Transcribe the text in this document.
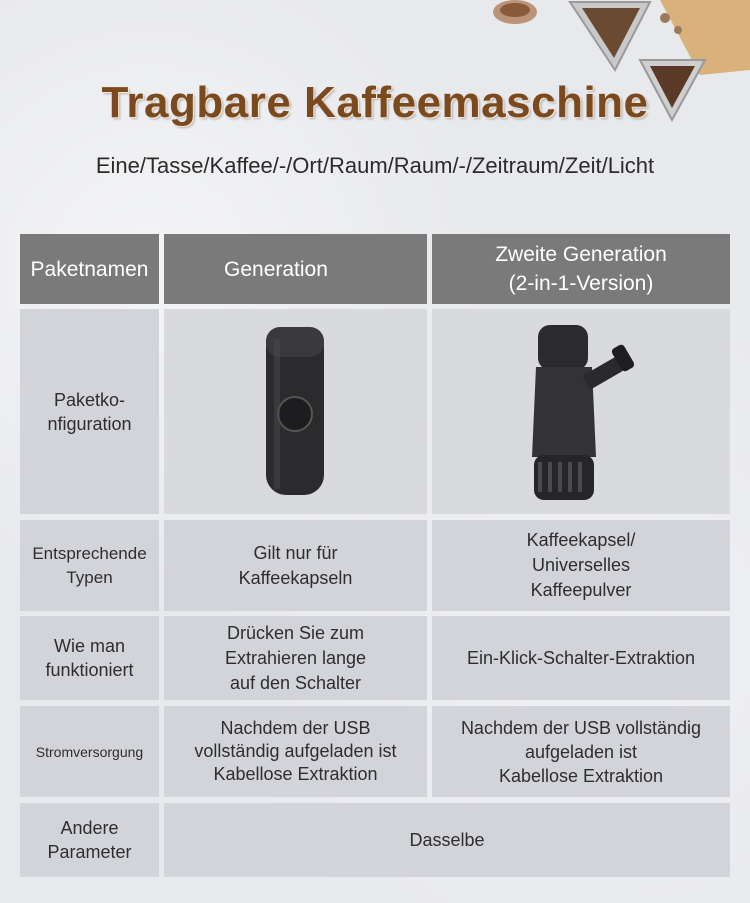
Tragbare Kaffeemaschine
Eine/Tasse/Kaffee/-/Ort/Raum/Raum/-/Zeitraum/Zeit/Licht
Paketnamen	Generation
Zweite Generation
(2-in-1-Version)
Paketko-
nfiguration
Entsprechende
Typen
Gilt nur für
Kaffeekapseln
Kaffeekapsel/
Universelles
Kaffeepulver
Wie man
funktioniert
Drücken Sie zum
Extrahieren lange
auf den Schalter
Ein-Klick-Schalter-Extraktion
Stromversorgung
Nachdem der USB
vollständig aufgeladen ist
Kabellose Extraktion
Nachdem der USB vollständig
aufgeladen ist
Kabellose Extraktion
Andere
Parameter
Dasselbe
